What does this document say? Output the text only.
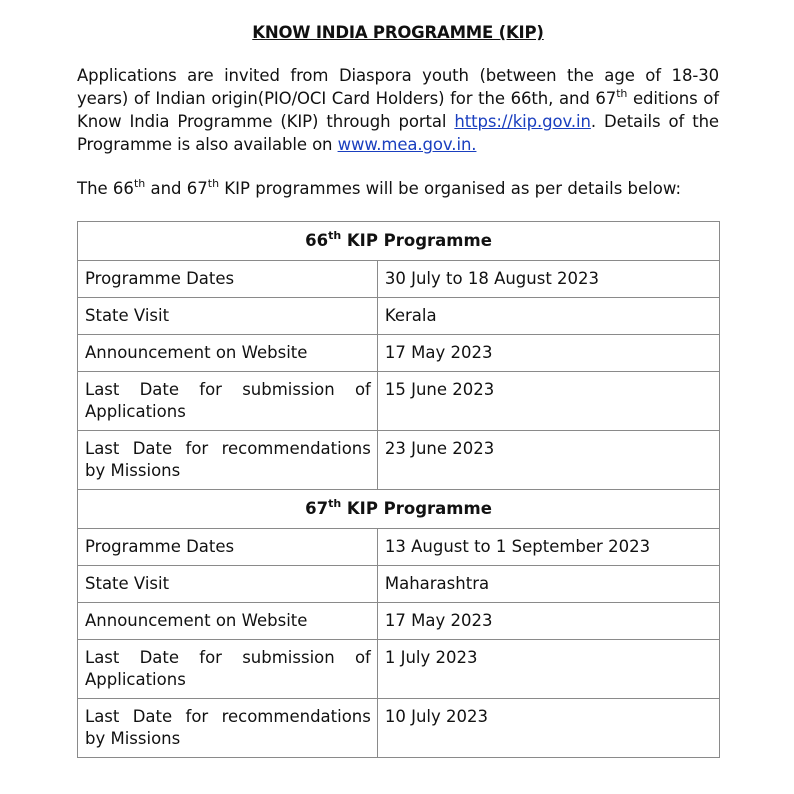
KNOW INDIA PROGRAMME (KIP)
Applications are invited from Diaspora youth (between the age of 18-30 years) of Indian origin(PIO/OCI Card Holders) for the 66th, and 67th editions of Know India Programme (KIP) through portal https://kip.gov.in. Details of the Programme is also available on www.mea.gov.in.
The 66th and 67th KIP programmes will be organised as per details below:
66th KIP Programme	
Programme Dates	30 July to 18 August 2023
State Visit	Kerala
Announcement on Website	17 May 2023
Last Date for submission of Applications	15 June 2023
Last Date for recommendations by Missions	23 June 2023
67th KIP Programme	
Programme Dates	13 August to 1 September 2023
State Visit	Maharashtra
Announcement on Website	17 May 2023
Last Date for submission of Applications	1 July 2023
Last Date for recommendations by Missions	10 July 2023
